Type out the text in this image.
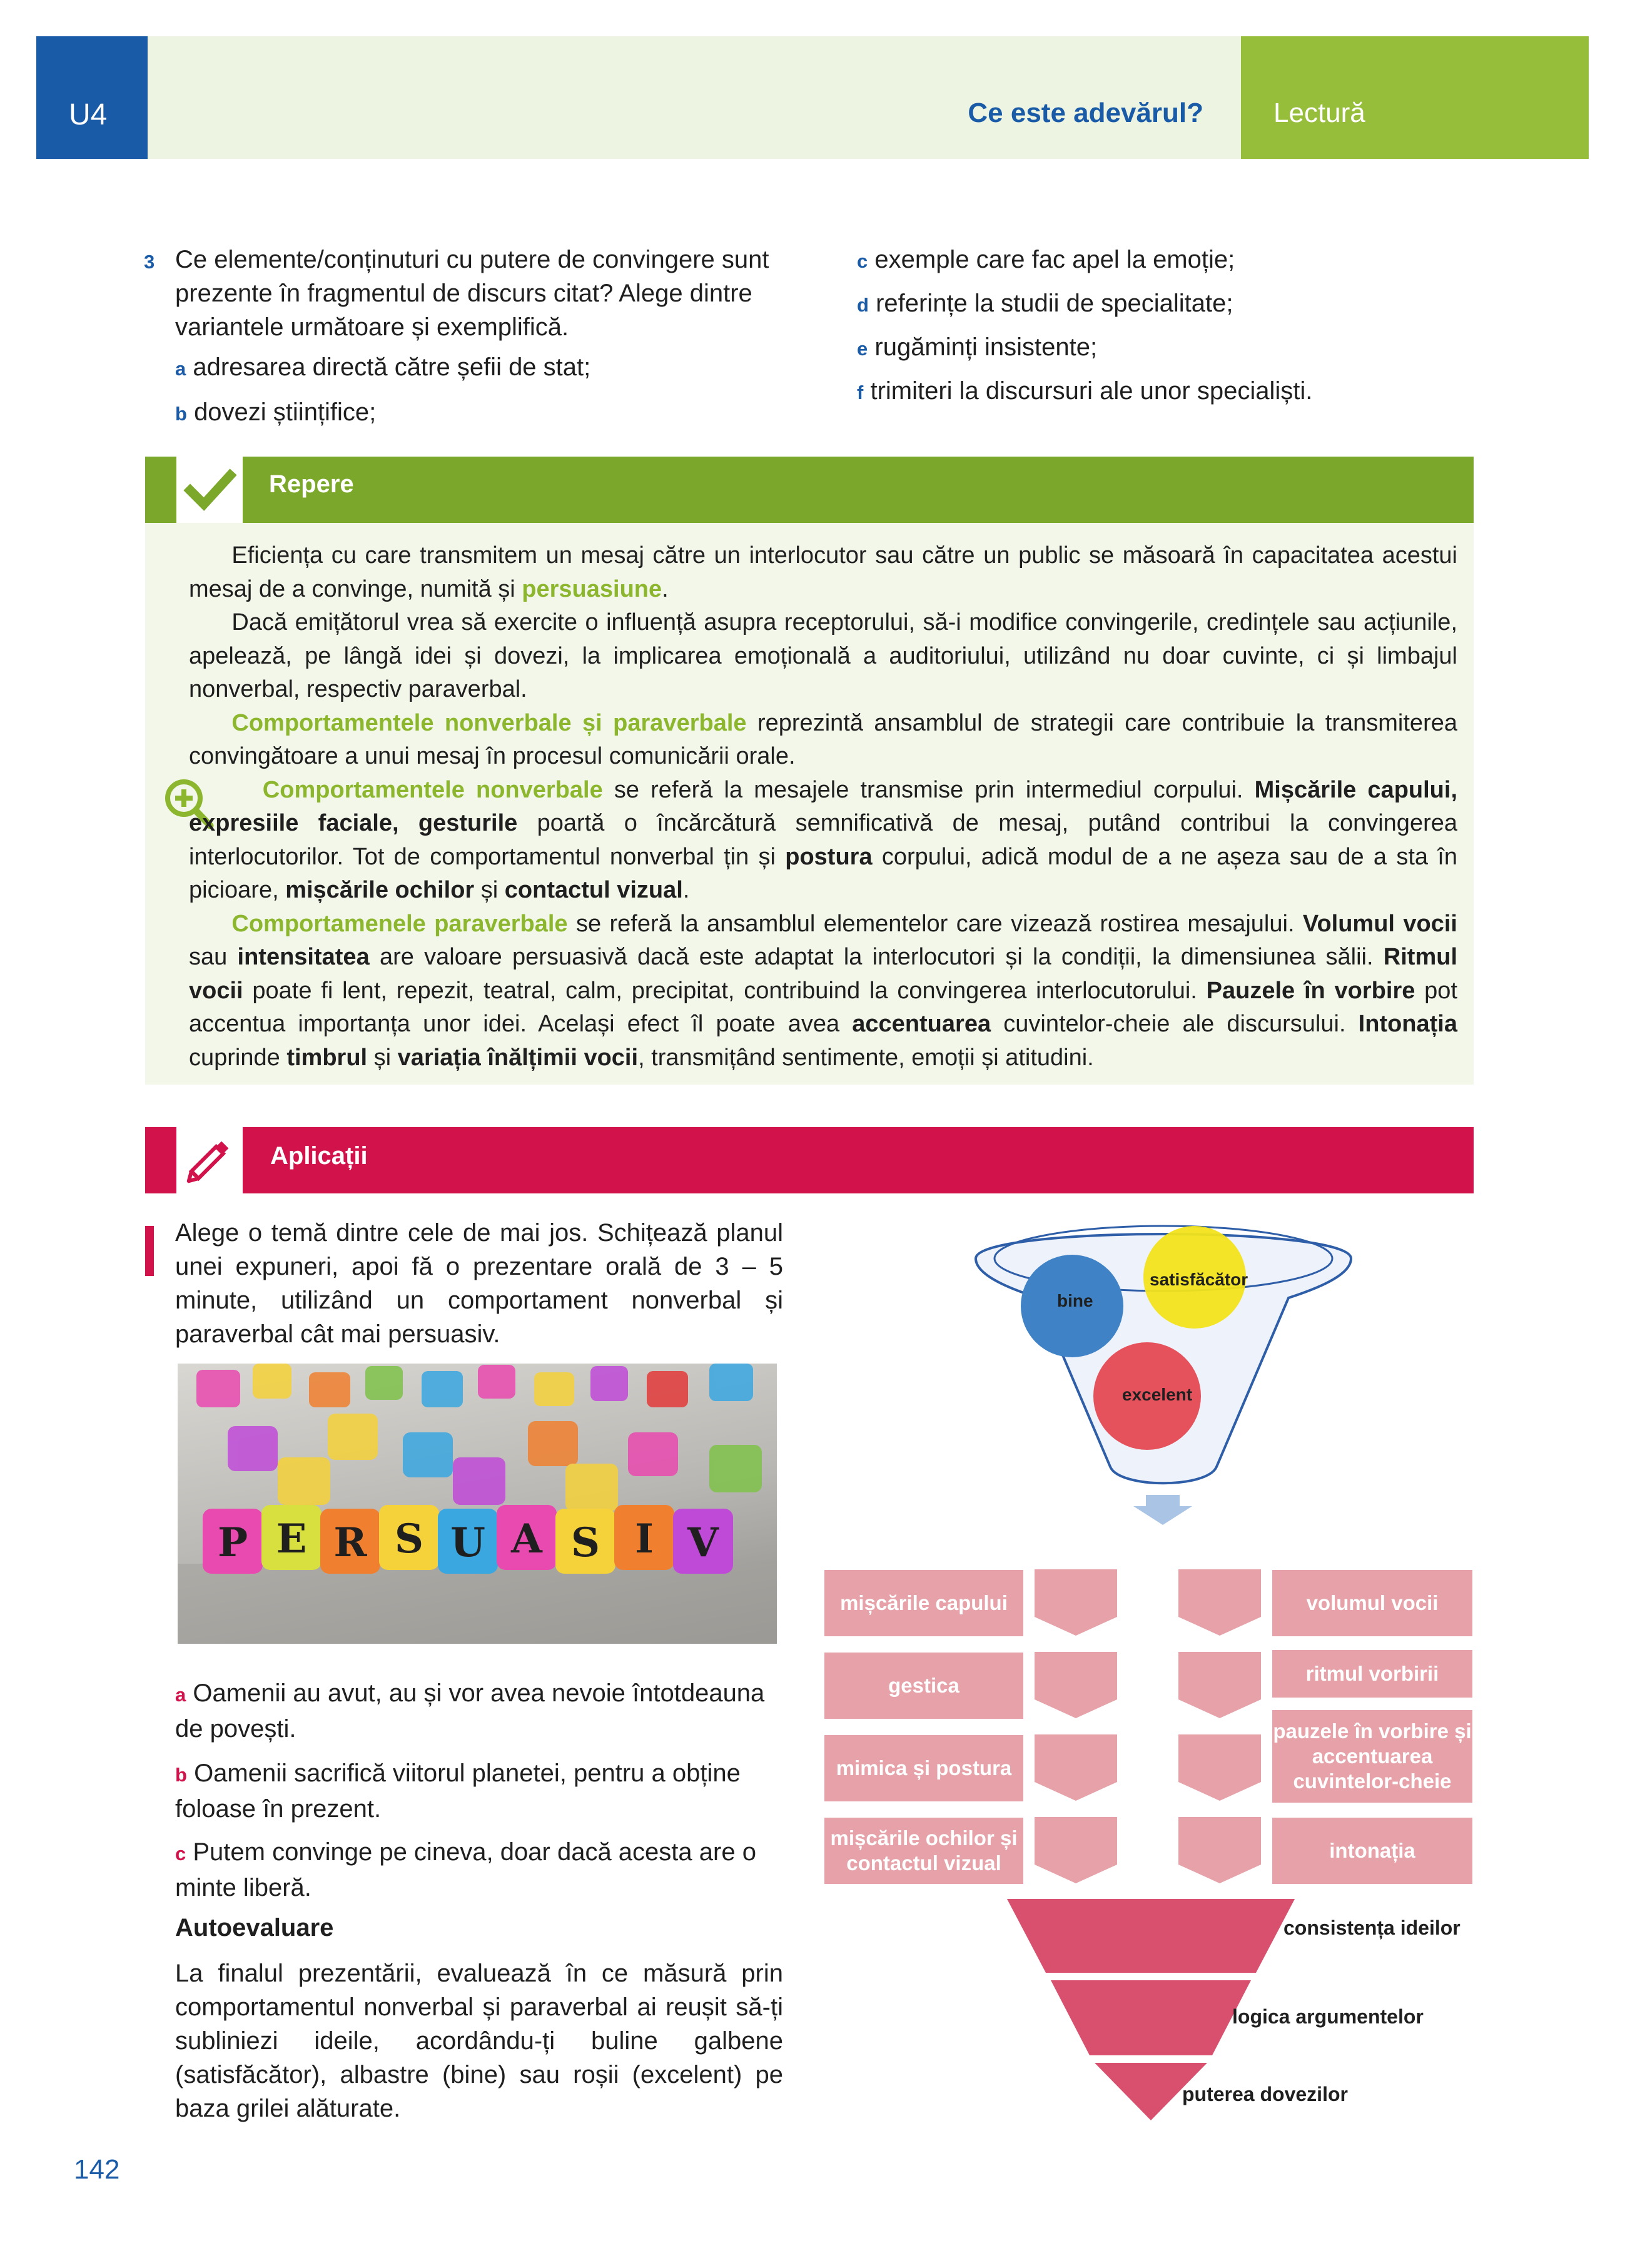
U4	Ce este adevărul?	Lectură
3 Ce elemente/conținuturi cu putere de convingere sunt prezente în fragmentul de discurs citat? Alege dintre variantele următoare și exemplifică.
a adresarea directă către șefii de stat;
b dovezi științifice;
c exemple care fac apel la emoție;
d referințe la studii de specialitate;
e rugăminți insistente;
f trimiteri la discursuri ale unor specialiști.
Repere

Eficiența cu care transmitem un mesaj către un interlocutor sau către un public se măsoară în capacitatea acestui mesaj de a convinge, numită și persuasiune.

Dacă emițătorul vrea să exercite o influență asupra receptorului, să-i modifice convingerile, credințele sau acțiunile, apelează, pe lângă idei și dovezi, la implicarea emoțională a auditoriului, utilizând nu doar cuvinte, ci și limbajul nonverbal, respectiv paraverbal.

Comportamentele nonverbale și paraverbale reprezintă ansamblul de strategii care contribuie la transmiterea convingătoare a unui mesaj în procesul comunicării orale.

Comportamentele nonverbale se referă la mesajele transmise prin intermediul corpului. Mișcările capului, expresiile faciale, gesturile poartă o încărcătură semnificativă de mesaj, putând contribui la convingerea interlocutorilor. Tot de comportamentul nonverbal țin și postura corpului, adică modul de a ne așeza sau de a sta în picioare, mișcările ochilor și contactul vizual.

Comportamenele paraverbale se referă la ansamblul elementelor care vizează rostirea mesajului. Volumul vocii sau intensitatea are valoare persuasivă dacă este adaptat la interlocutori și la condiții, la dimensiunea sălii. Ritmul vocii poate fi lent, repezit, teatral, calm, precipitat, contribuind la convingerea interlocutorului. Pauzele în vorbire pot accentua importanța unor idei. Același efect îl poate avea accentuarea cuvintelor-cheie ale discursului. Intonația cuprinde timbrul și variația înălțimii vocii, transmițând sentimente, emoții și atitudini.

Aplicații
Alege o temă dintre cele de mai jos. Schițează planul unei expuneri, apoi fă o prezentare orală de 3 – 5 minute, utilizând un comportament nonverbal și paraverbal cât mai persuasiv.
P E R S U A S I V
a Oamenii au avut, au și vor avea nevoie întotdeauna de povești.
b Oamenii sacrifică viitorul planetei, pentru a obține foloase în prezent.
c Putem convinge pe cineva, doar dacă acesta are o minte liberă.
Autoevaluare
La finalul prezentării, evaluează în ce măsură prin comportamentul nonverbal și paraverbal ai reușit să-ți subliniezi ideile, acordându-ți buline galbene (satisfăcător), albastre (bine) sau roșii (excelent) pe baza grilei alăturate.
bine
satisfăcător
excelent
mișcările capului
gestica
mimica și postura
mișcările ochilor și contactul vizual
volumul vocii
ritmul vorbirii
pauzele în vorbire și accentuarea cuvintelor-cheie
intonația
consistența ideilor
logica argumentelor
puterea dovezilor
142
